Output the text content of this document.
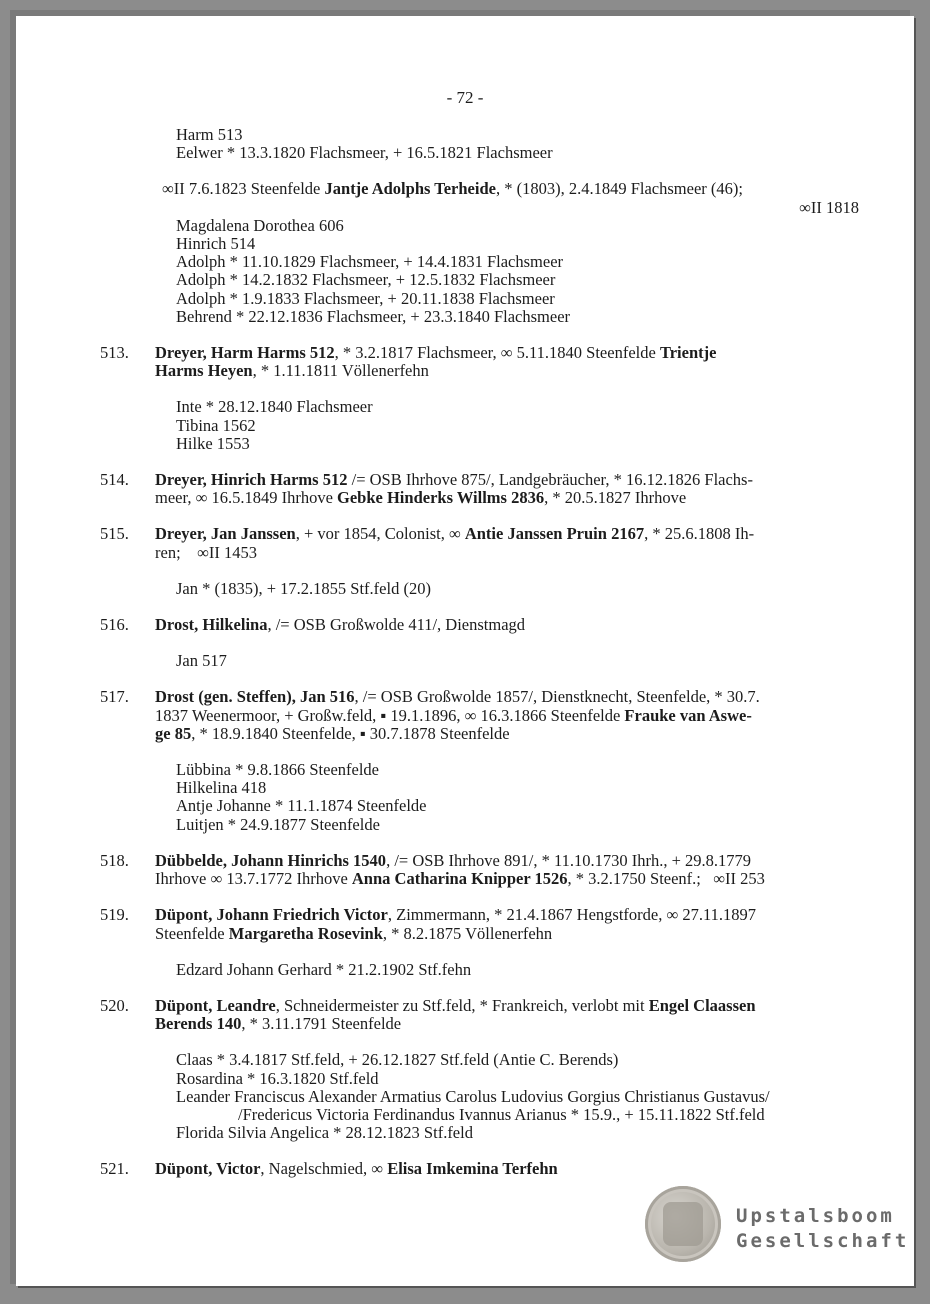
- 72 -
Harm 513
Eelwer * 13.3.1820 Flachsmeer, + 16.5.1821 Flachsmeer
∞II 7.6.1823 Steenfelde Jantje Adolphs Terheide, * (1803), 2.4.1849 Flachsmeer (46);
∞II 1818
Magdalena Dorothea 606
Hinrich 514
Adolph * 11.10.1829 Flachsmeer, + 14.4.1831 Flachsmeer
Adolph * 14.2.1832 Flachsmeer, + 12.5.1832 Flachsmeer
Adolph * 1.9.1833 Flachsmeer, + 20.11.1838 Flachsmeer
Behrend * 22.12.1836 Flachsmeer, + 23.3.1840 Flachsmeer
513. Dreyer, Harm Harms 512, * 3.2.1817 Flachsmeer, ∞ 5.11.1840 Steenfelde Trientje
Harms Heyen, * 1.11.1811 Völlenerfehn
Inte * 28.12.1840 Flachsmeer
Tibina 1562
Hilke 1553
514. Dreyer, Hinrich Harms 512 /= OSB Ihrhove 875/, Landgebräucher, * 16.12.1826 Flachs-
meer, ∞ 16.5.1849 Ihrhove Gebke Hinderks Willms 2836, * 20.5.1827 Ihrhove
515. Dreyer, Jan Janssen, + vor 1854, Colonist, ∞ Antie Janssen Pruin 2167, * 25.6.1808 Ih-
ren;    ∞II 1453
Jan * (1835), + 17.2.1855 Stf.feld (20)
516. Drost, Hilkelina, /= OSB Großwolde 411/, Dienstmagd
Jan 517
517. Drost (gen. Steffen), Jan 516, /= OSB Großwolde 1857/, Dienstknecht, Steenfelde, * 30.7.
1837 Weenermoor, + Großw.feld, ▪ 19.1.1896, ∞ 16.3.1866 Steenfelde Frauke van Aswe-
ge 85, * 18.9.1840 Steenfelde, ▪ 30.7.1878 Steenfelde
Lübbina * 9.8.1866 Steenfelde
Hilkelina 418
Antje Johanne * 11.1.1874 Steenfelde
Luitjen * 24.9.1877 Steenfelde
518. Dübbelde, Johann Hinrichs 1540, /= OSB Ihrhove 891/, * 11.10.1730 Ihrh., + 29.8.1779
Ihrhove ∞ 13.7.1772 Ihrhove Anna Catharina Knipper 1526, * 3.2.1750 Steenf.;   ∞II 253
519. Düpont, Johann Friedrich Victor, Zimmermann, * 21.4.1867 Hengstforde, ∞ 27.11.1897
Steenfelde Margaretha Rosevink, * 8.2.1875 Völlenerfehn
Edzard Johann Gerhard * 21.2.1902 Stf.fehn
520. Düpont, Leandre, Schneidermeister zu Stf.feld, * Frankreich, verlobt mit Engel Claassen
Berends 140, * 3.11.1791 Steenfelde
Claas * 3.4.1817 Stf.feld, + 26.12.1827 Stf.feld (Antie C. Berends)
Rosardina * 16.3.1820 Stf.feld
Leander Franciscus Alexander Armatius Carolus Ludovius Gorgius Christianus Gustavus/
/Fredericus Victoria Ferdinandus Ivannus Arianus * 15.9., + 15.11.1822 Stf.feld
Florida Silvia Angelica * 28.12.1823 Stf.feld
521. Düpont, Victor, Nagelschmied, ∞ Elisa Imkemina Terfehn
Upstalsboom
Gesellschaft
